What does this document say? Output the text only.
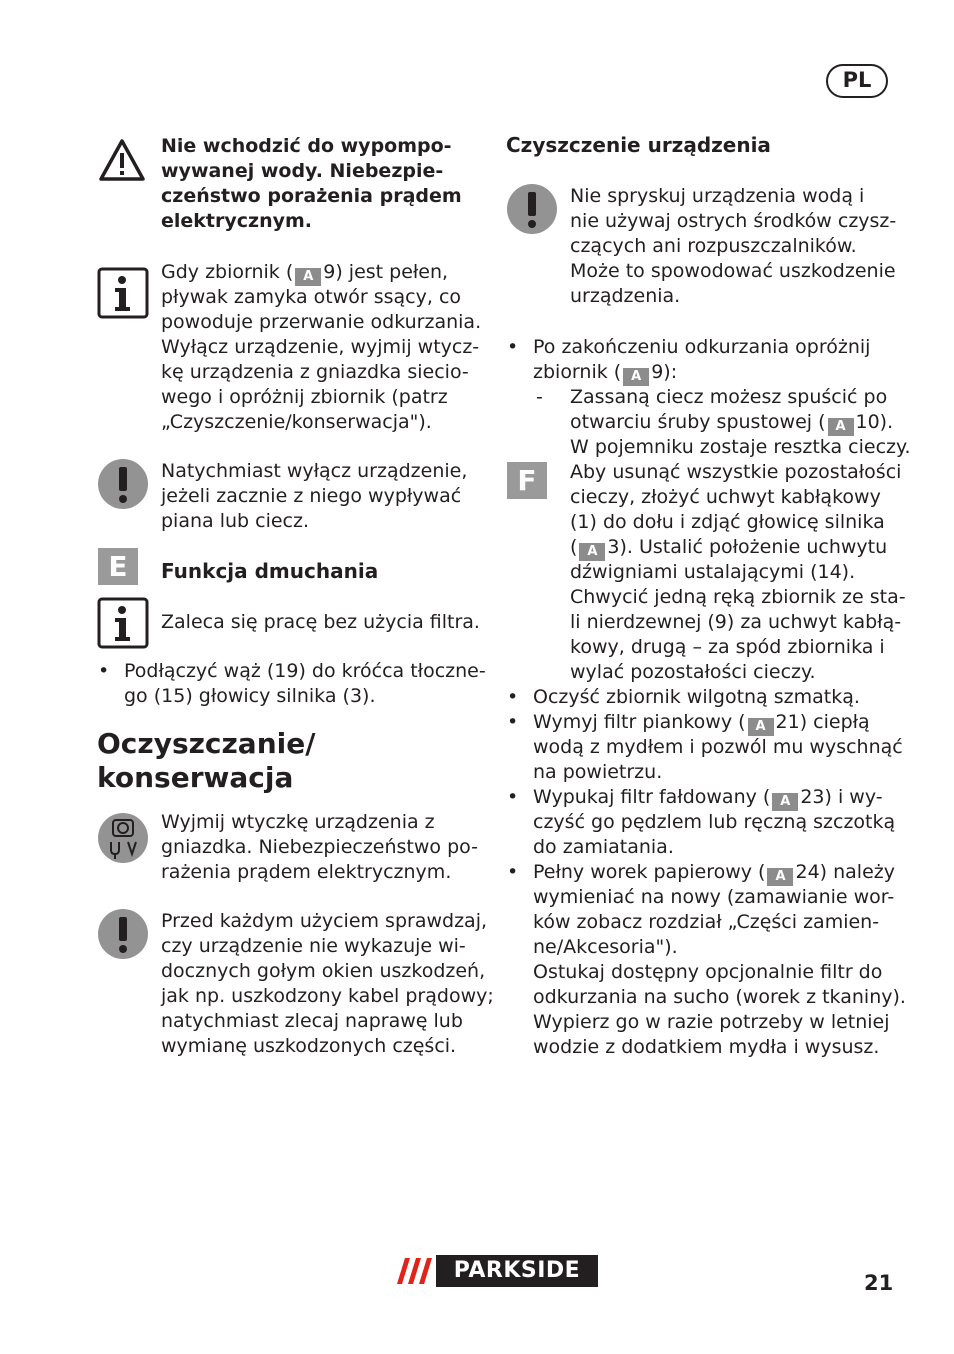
PL
Nie wchodzić do wypompo-
wywanej wody. Niebezpie-
czeństwo porażenia prądem
elektrycznym.
Gdy zbiornik ( A 9) jest pełen,
pływak zamyka otwór ssący, co
powoduje przerwanie odkurzania.
Wyłącz urządzenie, wyjmij wtycz-
kę urządzenia z gniazdka siecio-
wego i opróżnij zbiornik (patrz
„Czyszczenie/konserwacja").
Natychmiast wyłącz urządzenie,
jeżeli zacznie z niego wypływać
piana lub ciecz.
E	Funkcja dmuchania
Zaleca się pracę bez użycia filtra.
• Podłączyć wąż (19) do króćca tłoczne-
go (15) głowicy silnika (3).
Oczyszczanie/
konserwacja
Wyjmij wtyczkę urządzenia z
gniazdka. Niebezpieczeństwo po-
rażenia prądem elektrycznym.
Przed każdym użyciem sprawdzaj,
czy urządzenie nie wykazuje wi-
docznych gołym okien uszkodzeń,
jak np. uszkodzony kabel prądowy;
natychmiast zlecaj naprawę lub
wymianę uszkodzonych części.
Czyszczenie urządzenia
Nie spryskuj urządzenia wodą i
nie używaj ostrych środków czysz-
czących ani rozpuszczalników.
Może to spowodować uszkodzenie
urządzenia.
• Po zakończeniu odkurzania opróżnij
zbiornik ( A 9):
- Zassaną ciecz możesz spuścić po
otwarciu śruby spustowej ( A 10).
W pojemniku zostaje resztka cieczy.
F	Aby usunąć wszystkie pozostałości
cieczy, złożyć uchwyt kabłąkowy
(1) do dołu i zdjąć głowicę silnika
( A 3). Ustalić położenie uchwytu
dźwigniami ustalającymi (14).
Chwycić jedną ręką zbiornik ze sta-
li nierdzewnej (9) za uchwyt kabłą-
kowy, drugą – za spód zbiornika i
wylać pozostałości cieczy.
• Oczyść zbiornik wilgotną szmatką.
• Wymyj filtr piankowy ( A 21) ciepłą
wodą z mydłem i pozwól mu wyschnąć
na powietrzu.
• Wypukaj filtr fałdowany ( A 23) i wy-
czyść go pędzlem lub ręczną szczotką
do zamiatania.
• Pełny worek papierowy ( A 24) należy
wymieniać na nowy (zamawianie wor-
ków zobacz rozdział „Części zamien-
ne/Akcesoria").
Ostukaj dostępny opcjonalnie filtr do
odkurzania na sucho (worek z tkaniny).
Wypierz go w razie potrzeby w letniej
wodzie z dodatkiem mydła i wysusz.
PARKSIDE	21
